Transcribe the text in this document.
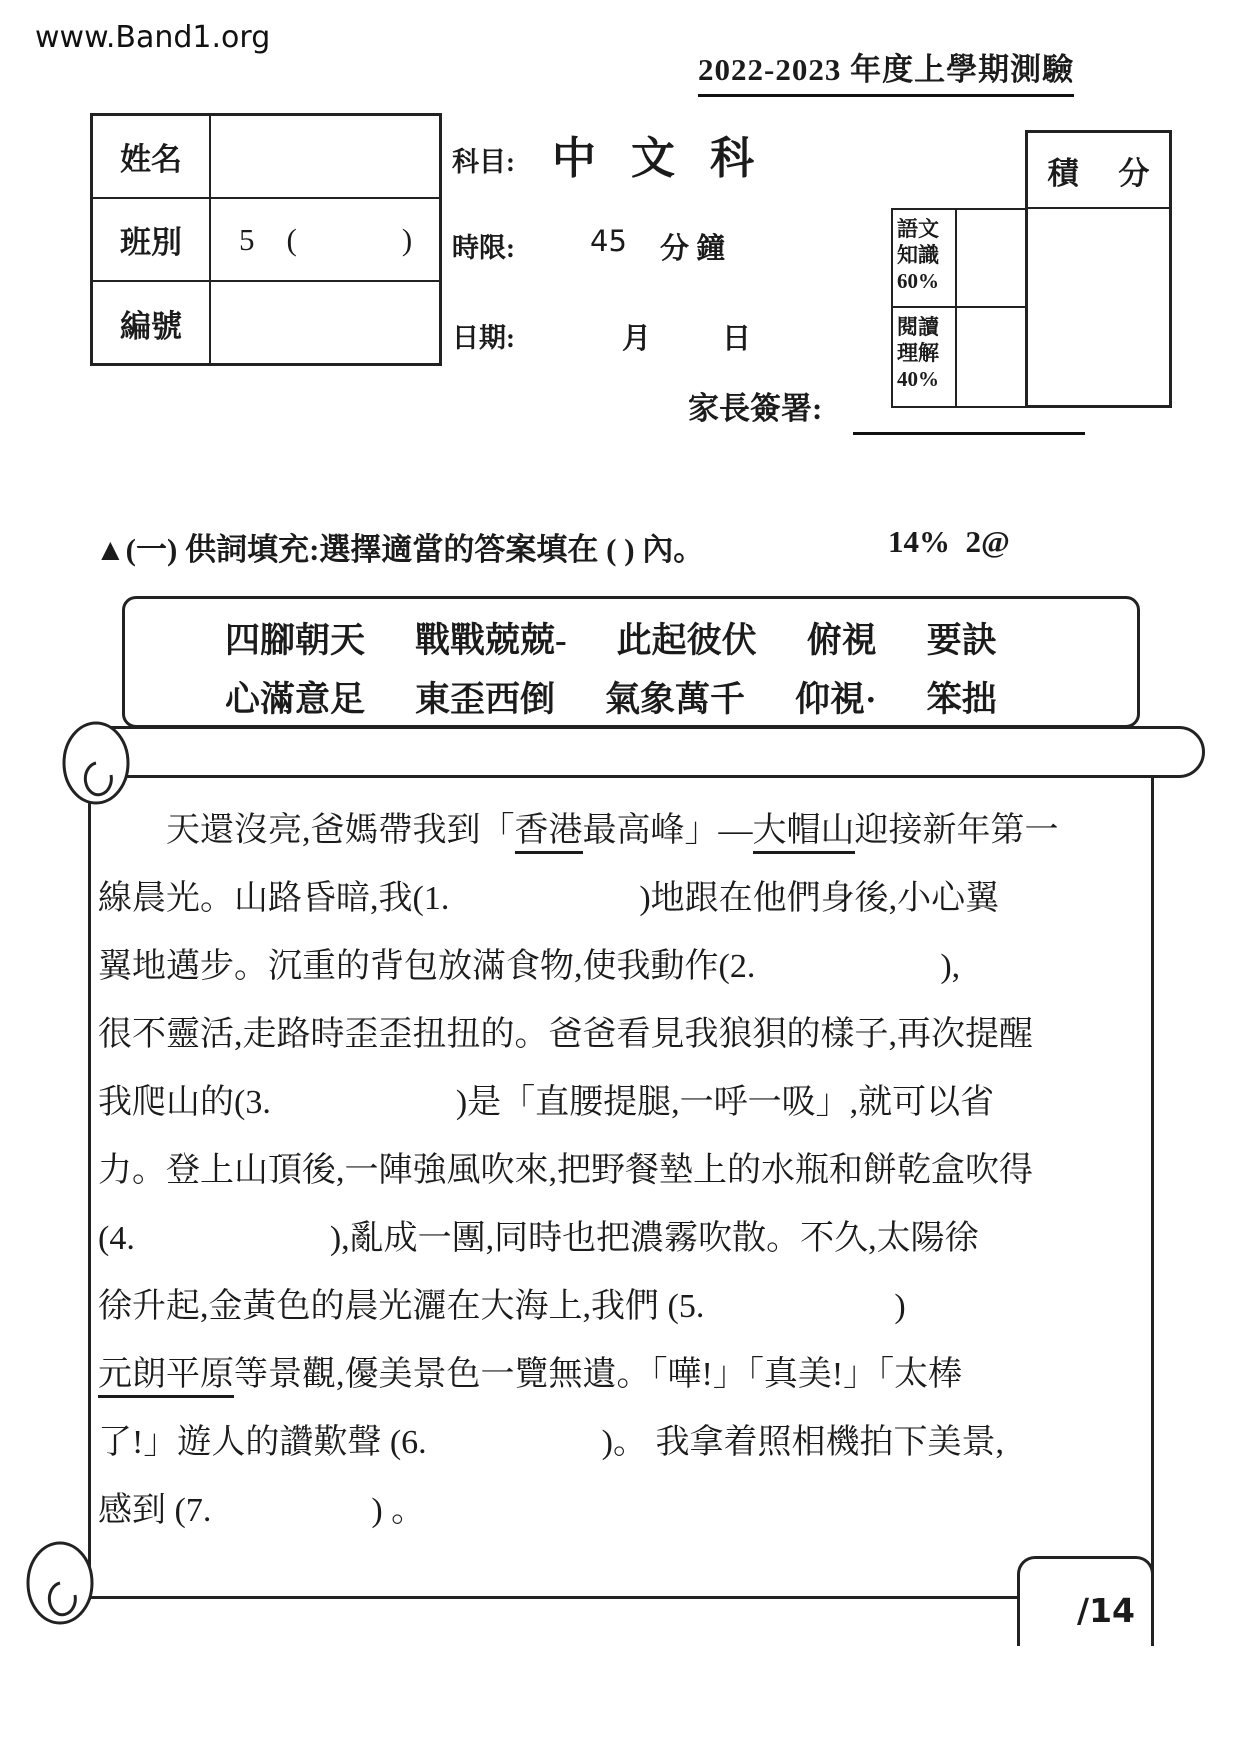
www.Band1.org
2022-2023 年度上學期測驗
姓名
班別	5 (	)
編號
科目: 中 文 科
時限:	45 分 鐘
日期:	月 日
積 分
語文
知識
60%
閱讀
理解
40%
家長簽署:
▲(一) 供詞填充:選擇適當的答案填在 ( ) 內。	14%  2@
四腳朝天 戰戰兢兢- 此起彼伏 俯視 要訣
心滿意足 東歪西倒 氣象萬千 仰視· 笨拙
　　天還沒亮,爸媽帶我到「香港最高峰」—大帽山迎接新年第一
線晨光。山路昏暗,我(1.	)地跟在他們身後,小心翼
翼地邁步。沉重的背包放滿食物,使我動作(2.	),
很不靈活,走路時歪歪扭扭的。爸爸看見我狼狽的樣子,再次提醒
我爬山的(3.	)是「直腰提腿,一呼一吸」,就可以省
力。登上山頂後,一陣強風吹來,把野餐墊上的水瓶和餅乾盒吹得
(4.	),亂成一團,同時也把濃霧吹散。不久,太陽徐
徐升起,金黃色的晨光灑在大海上,我們 (5.	)
元朗平原等景觀,優美景色一覽無遺。「嘩!」「真美!」「太棒
了!」遊人的讚歎聲 (6.	)。 我拿着照相機拍下美景,
感到 (7.	) 。
/14
